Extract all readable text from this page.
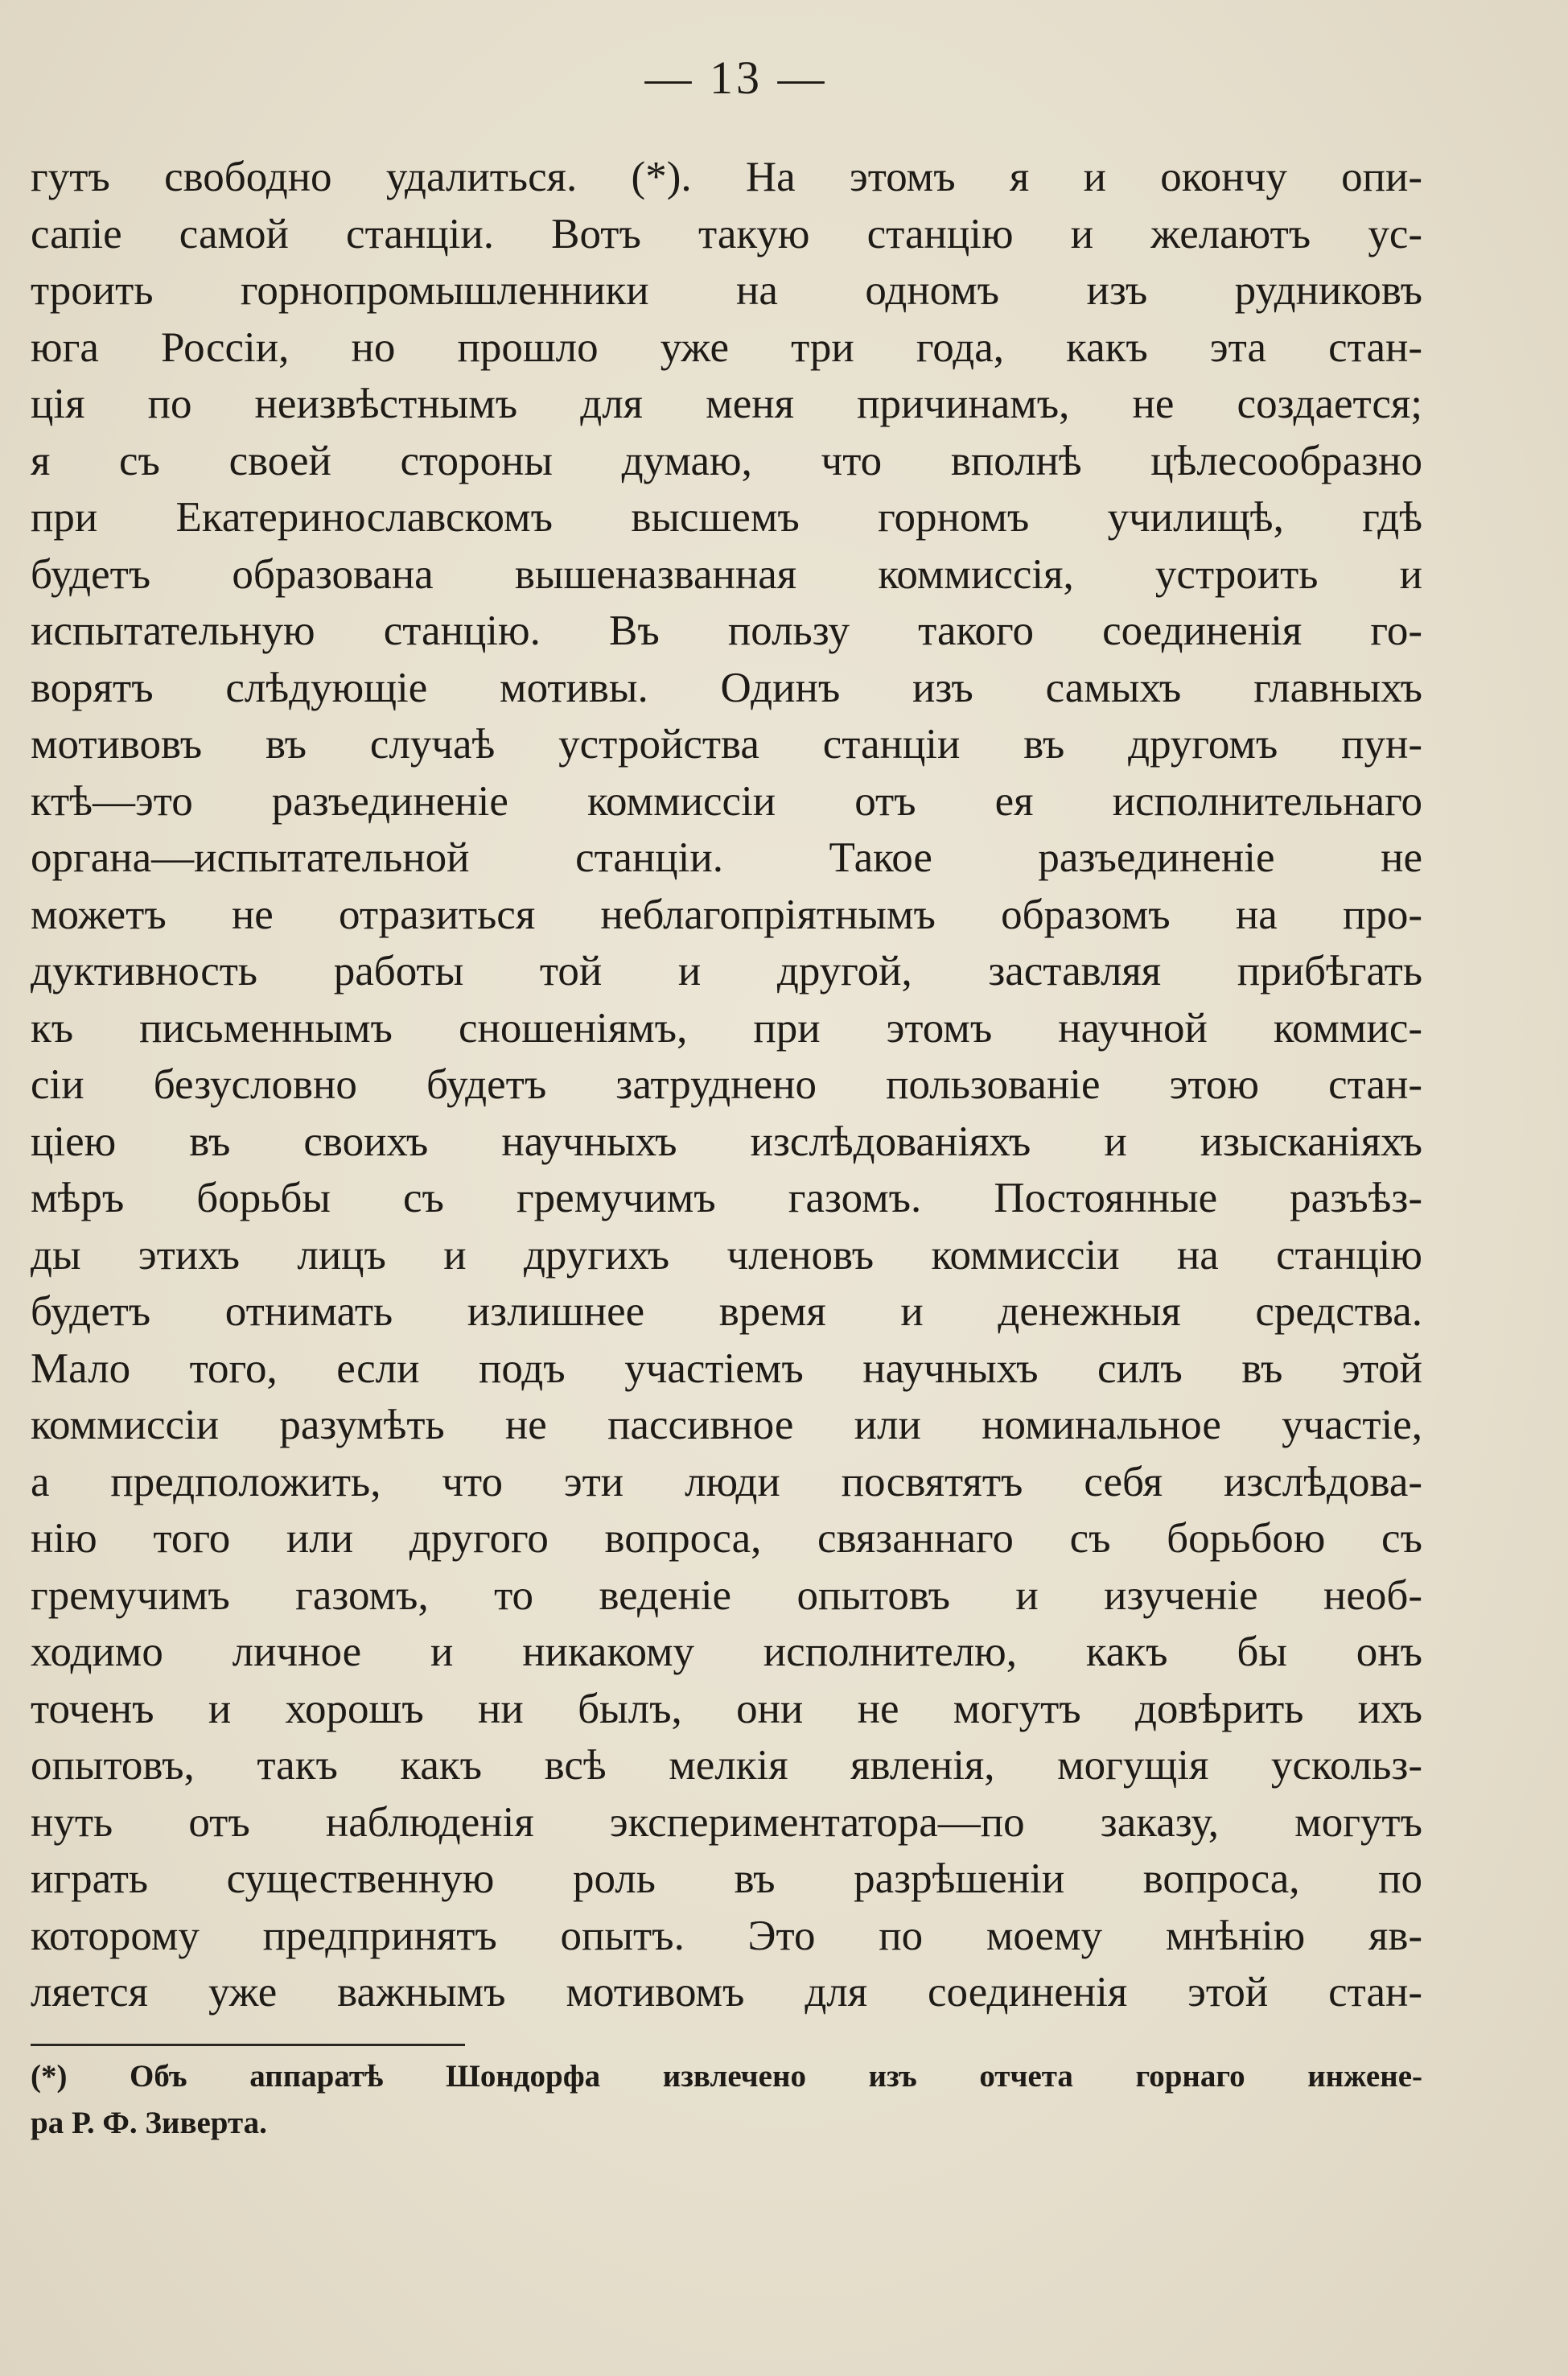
— 13 —
гутъ свободно удалиться. (*). На этомъ я и окончу опи-
сапіе самой станціи. Вотъ такую станцію и желаютъ ус-
троить горнопромышленники на одномъ изъ рудниковъ
юга Россіи, но прошло уже три года, какъ эта стан-
ція по неизвѣстнымъ для меня причинамъ, не создается;
я съ своей стороны думаю, что вполнѣ цѣлесообразно
при Екатеринославскомъ высшемъ горномъ училищѣ, гдѣ
будетъ образована вышеназванная коммиссія, устроить и
испытательную станцію. Въ пользу такого соединенія го-
ворятъ слѣдующіе мотивы. Одинъ изъ самыхъ главныхъ
мотивовъ въ случаѣ устройства станціи въ другомъ пун-
ктѣ—это разъединеніе коммиссіи отъ ея исполнительнаго
органа—испытательной станціи. Такое разъединеніе не
можетъ не отразиться неблагопріятнымъ образомъ на про-
дуктивность работы той и другой, заставляя прибѣгать
къ письменнымъ сношеніямъ, при этомъ научной коммис-
сіи безусловно будетъ затруднено пользованіе этою стан-
ціею въ своихъ научныхъ изслѣдованіяхъ и изысканіяхъ
мѣръ борьбы съ гремучимъ газомъ. Постоянные разъѣз-
ды этихъ лицъ и другихъ членовъ коммиссіи на станцію
будетъ отнимать излишнее время и денежныя средства.
Мало того, если подъ участіемъ научныхъ силъ въ этой
коммиссіи разумѣть не пассивное или номинальное участіе,
а предположить, что эти люди посвятятъ себя изслѣдова-
нію того или другого вопроса, связаннаго съ борьбою съ
гремучимъ газомъ, то веденіе опытовъ и изученіе необ-
ходимо личное и никакому исполнителю, какъ бы онъ
точенъ и хорошъ ни былъ, они не могутъ довѣрить ихъ
опытовъ, такъ какъ всѣ мелкія явленія, могущія ускольз-
нуть отъ наблюденія экспериментатора—по заказу, могутъ
играть существенную роль въ разрѣшеніи вопроса, по
которому предпринятъ опытъ. Это по моему мнѣнію яв-
ляется уже важнымъ мотивомъ для соединенія этой стан-
(*) Объ аппаратѣ Шондорфа извлечено изъ отчета горнаго инжене-
ра Р. Ф. Зиверта.
